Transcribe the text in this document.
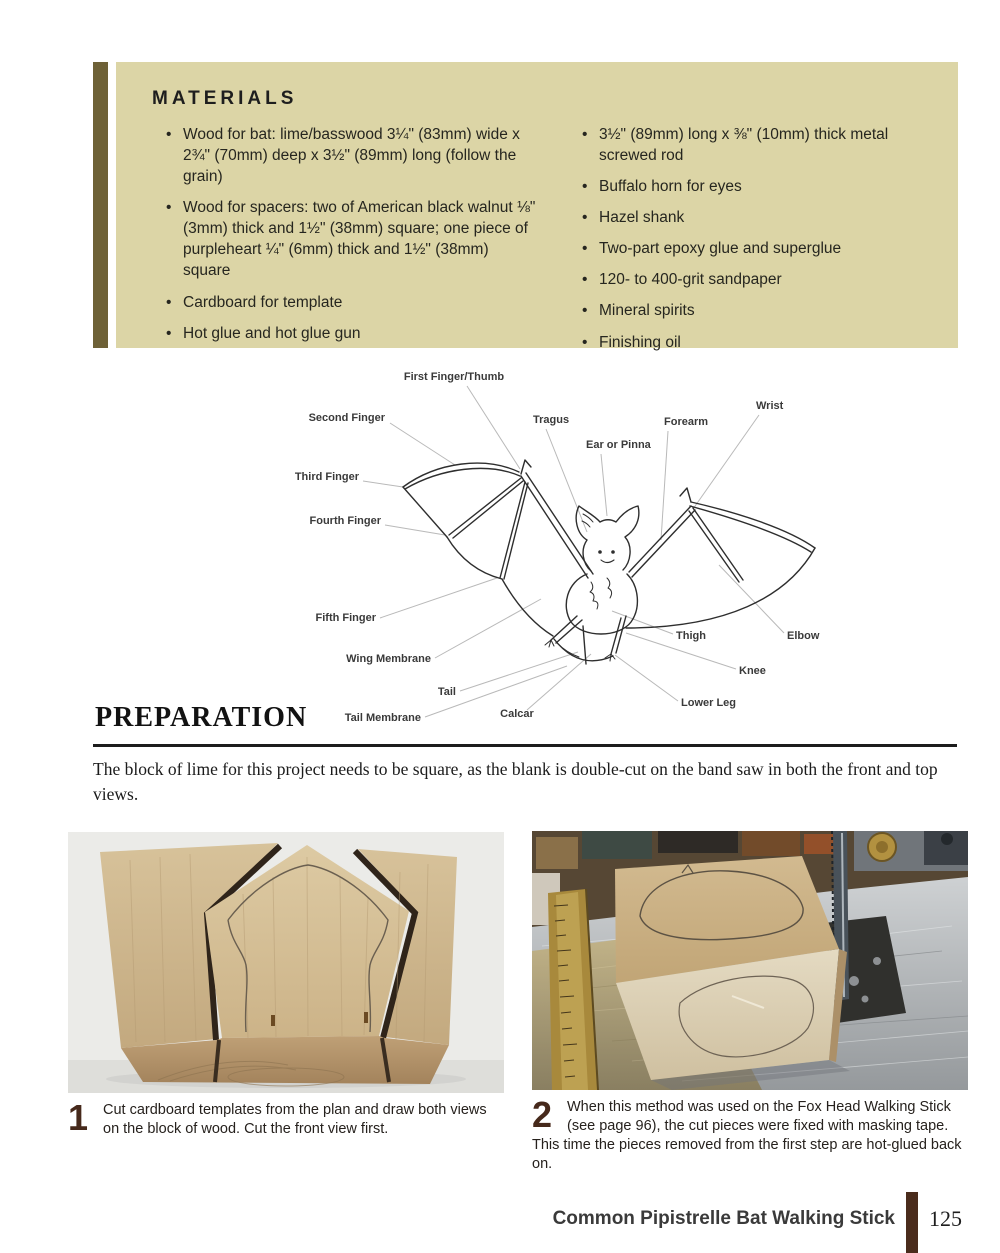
MATERIALS
• Wood for bat: lime/basswood 3¼" (83mm) wide x 2¾" (70mm) deep x 3½" (89mm) long (follow the grain)
• Wood for spacers: two of American black walnut ⅛" (3mm) thick and 1½" (38mm) square; one piece of purpleheart ¼" (6mm) thick and 1½" (38mm) square
• Cardboard for template
• Hot glue and hot glue gun
• 3½" (89mm) long x ⅜" (10mm) thick metal screwed rod
• Buffalo horn for eyes
• Hazel shank
• Two-part epoxy glue and superglue
• 120- to 400-grit sandpaper
• Mineral spirits
• Finishing oil
First Finger/Thumb
Second Finger
Third Finger
Fourth Finger
Fifth Finger
Wing Membrane
Tail
Tail Membrane	Calcar
Tragus
Ear or Pinna
Forearm
Wrist
Elbow
Thigh
Knee
Lower Leg
PREPARATION

The block of lime for this project needs to be square, as the blank is double-cut on the band saw in both the front and top views.

1	Cut cardboard templates from the plan and draw both views on the block of wood. Cut the front view first.	2	When this method was used on the Fox Head Walking Stick (see page 96), the cut pieces were fixed with masking tape. This time the pieces removed from the first step are hot-glued back on.

Common Pipistrelle Bat Walking Stick 125
